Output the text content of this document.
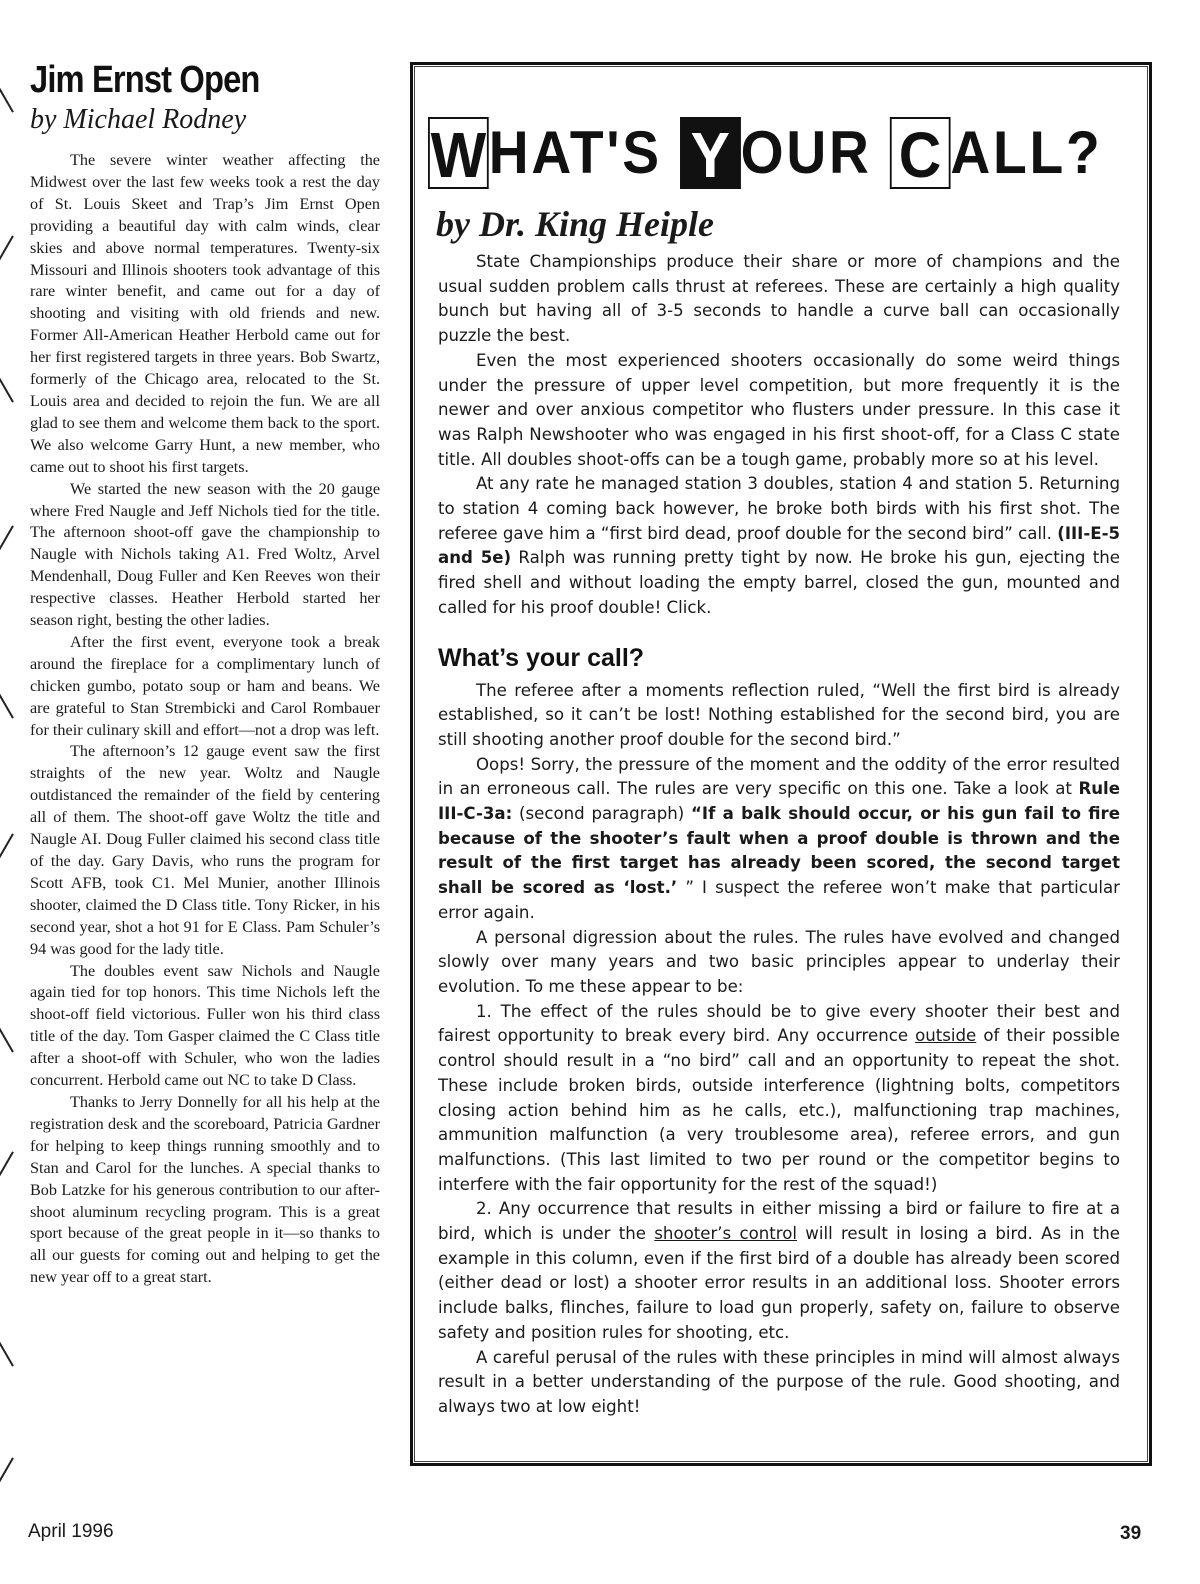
Jim Ernst Open
by Michael Rodney

The severe winter weather affecting the Midwest over the last few weeks took a rest the day of St. Louis Skeet and Trap’s Jim Ernst Open providing a beautiful day with calm winds, clear skies and above normal temperatures. Twenty-six Missouri and Illinois shooters took advantage of this rare winter benefit, and came out for a day of shooting and visiting with old friends and new. Former All-American Heather Herbold came out for her first registered targets in three years. Bob Swartz, formerly of the Chicago area, relocated to the St. Louis area and decided to rejoin the fun. We are all glad to see them and welcome them back to the sport. We also welcome Garry Hunt, a new member, who came out to shoot his first targets.

We started the new season with the 20 gauge where Fred Naugle and Jeff Nichols tied for the title. The afternoon shoot-off gave the championship to Naugle with Nichols taking A1. Fred Woltz, Arvel Mendenhall, Doug Fuller and Ken Reeves won their respective classes. Heather Herbold started her season right, besting the other ladies.

After the first event, everyone took a break around the fireplace for a complimentary lunch of chicken gumbo, potato soup or ham and beans. We are grateful to Stan Strembicki and Carol Rombauer for their culinary skill and effort—not a drop was left.

The afternoon’s 12 gauge event saw the first straights of the new year. Woltz and Naugle outdistanced the remainder of the field by centering all of them. The shoot-off gave Woltz the title and Naugle AI. Doug Fuller claimed his second class title of the day. Gary Davis, who runs the program for Scott AFB, took C1. Mel Munier, another Illinois shooter, claimed the D Class title. Tony Ricker, in his second year, shot a hot 91 for E Class. Pam Schuler’s 94 was good for the lady title.

The doubles event saw Nichols and Naugle again tied for top honors. This time Nichols left the shoot-off field victorious. Fuller won his third class title of the day. Tom Gasper claimed the C Class title after a shoot-off with Schuler, who won the ladies concurrent. Herbold came out NC to take D Class.

Thanks to Jerry Donnelly for all his help at the registration desk and the scoreboard, Patricia Gardner for helping to keep things running smoothly and to Stan and Carol for the lunches. A special thanks to Bob Latzke for his generous contribution to our after-shoot aluminum recycling program. This is a great sport because of the great people in it—so thanks to all our guests for coming out and helping to get the new year off to a great start.

WHAT'S Y OUR C ALL?
by Dr. King Heiple

State Championships produce their share or more of champions and the usual sudden problem calls thrust at referees. These are certainly a high quality bunch but having all of 3-5 seconds to handle a curve ball can occasionally puzzle the best.

Even the most experienced shooters occasionally do some weird things under the pressure of upper level competition, but more frequently it is the newer and over anxious competitor who flusters under pressure. In this case it was Ralph Newshooter who was engaged in his first shoot-off, for a Class C state title. All doubles shoot-offs can be a tough game, probably more so at his level.

At any rate he managed station 3 doubles, station 4 and station 5. Returning to station 4 coming back however, he broke both birds with his first shot. The referee gave him a “first bird dead, proof double for the second bird” call. (III-E-5 and 5e) Ralph was running pretty tight by now. He broke his gun, ejecting the fired shell and without loading the empty barrel, closed the gun, mounted and called for his proof double! Click.

What’s your call?

The referee after a moments reflection ruled, “Well the first bird is already established, so it can’t be lost! Nothing established for the second bird, you are still shooting another proof double for the second bird.”

Oops! Sorry, the pressure of the moment and the oddity of the error resulted in an erroneous call. The rules are very specific on this one. Take a look at Rule III-C-3a: (second paragraph) “If a balk should occur, or his gun fail to fire because of the shooter’s fault when a proof double is thrown and the result of the first target has already been scored, the second target shall be scored as ‘lost.’ ” I suspect the referee won’t make that particular error again.

A personal digression about the rules. The rules have evolved and changed slowly over many years and two basic principles appear to underlay their evolution. To me these appear to be:

1. The effect of the rules should be to give every shooter their best and fairest opportunity to break every bird. Any occurrence outside of their possible control should result in a “no bird” call and an opportunity to repeat the shot. These include broken birds, outside interference (lightning bolts, competitors closing action behind him as he calls, etc.), malfunctioning trap machines, ammunition malfunction (a very troublesome area), referee errors, and gun malfunctions. (This last limited to two per round or the competitor begins to interfere with the fair opportunity for the rest of the squad!)

2. Any occurrence that results in either missing a bird or failure to fire at a bird, which is under the shooter’s control will result in losing a bird. As in the example in this column, even if the first bird of a double has already been scored (either dead or lost) a shooter error results in an additional loss. Shooter errors include balks, flinches, failure to load gun properly, safety on, failure to observe safety and position rules for shooting, etc.

A careful perusal of the rules with these principles in mind will almost always result in a better understanding of the purpose of the rule. Good shooting, and always two at low eight!

April 1996	39
